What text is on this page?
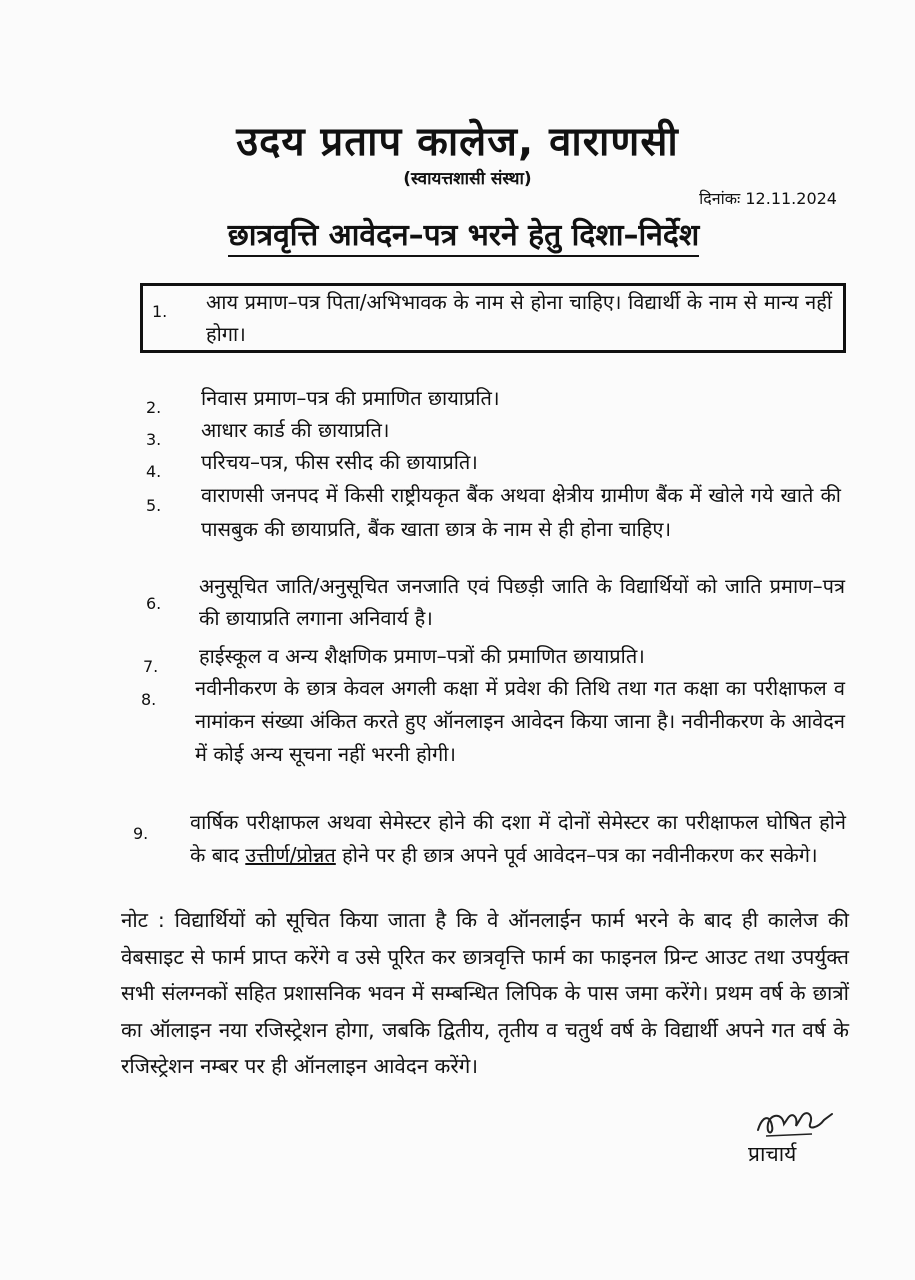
उदय प्रताप कालेज, वाराणसी
(स्वायत्तशासी संस्था)
दिनांकः 12.11.2024
छात्रवृत्ति आवेदन–पत्र भरने हेतु दिशा–निर्देश
1. आय प्रमाण–पत्र पिता/अभिभावक के नाम से होना चाहिए। विद्यार्थी के नाम से मान्य नहीं होगा।
2. निवास प्रमाण–पत्र की प्रमाणित छायाप्रति।
3. आधार कार्ड की छायाप्रति।
4. परिचय–पत्र, फीस रसीद की छायाप्रति।
5. वाराणसी जनपद में किसी राष्ट्रीयकृत बैंक अथवा क्षेत्रीय ग्रामीण बैंक में खोले गये खाते की पासबुक की छायाप्रति, बैंक खाता छात्र के नाम से ही होना चाहिए।
6.
अनुसूचित जाति/अनुसूचित जनजाति एवं पिछड़ी जाति के विद्यार्थियों को जाति प्रमाण–पत्र की छायाप्रति लगाना अनिवार्य है।
7. हाईस्कूल व अन्य शैक्षणिक प्रमाण–पत्रों की प्रमाणित छायाप्रति।
8. नवीनीकरण के छात्र केवल अगली कक्षा में प्रवेश की तिथि तथा गत कक्षा का परीक्षाफल व नामांकन संख्या अंकित करते हुए ऑनलाइन आवेदन किया जाना है। नवीनीकरण के आवेदन में कोई अन्य सूचना नहीं भरनी होगी।
9. वार्षिक परीक्षाफल अथवा सेमेस्टर होने की दशा में दोनों सेमेस्टर का परीक्षाफल घोषित होने के बाद उत्तीर्ण/प्रोन्नत होने पर ही छात्र अपने पूर्व आवेदन–पत्र का नवीनीकरण कर सकेगे।
नोट : विद्यार्थियों को सूचित किया जाता है कि वे ऑनलाईन फार्म भरने के बाद ही कालेज की वेबसाइट से फार्म प्राप्त करेंगे व उसे पूरित कर छात्रवृत्ति फार्म का फाइनल प्रिन्ट आउट तथा उपर्युक्त सभी संलग्नकों सहित प्रशासनिक भवन में सम्बन्धित लिपिक के पास जमा करेंगे। प्रथम वर्ष के छात्रों का ऑलाइन नया रजिस्ट्रेशन होगा, जबकि द्वितीय, तृतीय व चतुर्थ वर्ष के विद्यार्थी अपने गत वर्ष के रजिस्ट्रेशन नम्बर पर ही ऑनलाइन आवेदन करेंगे।
प्राचार्य
